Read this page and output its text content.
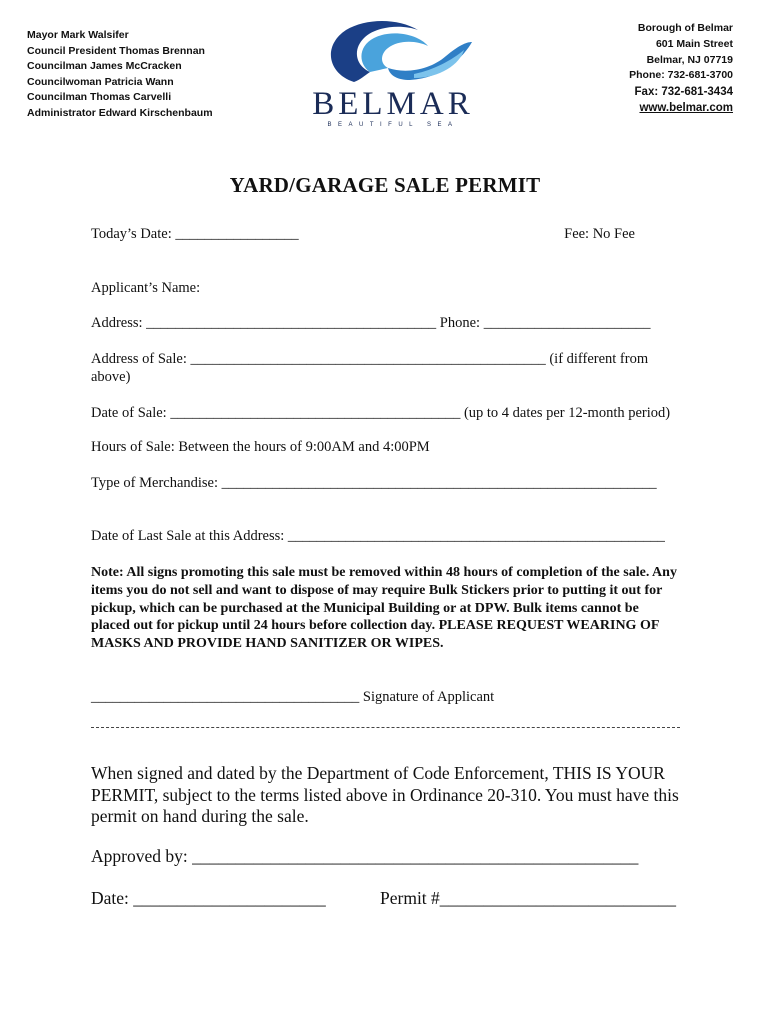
Mayor Mark Walsifer
Council President Thomas Brennan
Councilman James McCracken
Councilwoman Patricia Wann
Councilman Thomas Carvelli
Administrator Edward Kirschenbaum	BELMAR
BEAUTIFUL SEA
Borough of Belmar
601 Main Street
Belmar, NJ 07719
Phone: 732-681-3700
Fax: 732-681-3434
www.belmar.com
YARD/GARAGE SALE PERMIT
Today’s Date: _________________	Fee: No Fee
Applicant’s Name:
Address: ________________________________________ Phone: _______________________
Address of Sale: _________________________________________________ (if different from above)
Date of Sale: ________________________________________ (up to 4 dates per 12-month period)
Hours of Sale: Between the hours of 9:00AM and 4:00PM
Type of Merchandise: ____________________________________________________________
Date of Last Sale at this Address: ____________________________________________________
Note: All signs promoting this sale must be removed within 48 hours of completion of the sale. Any items you do not sell and want to dispose of may require Bulk Stickers prior to putting it out for pickup, which can be purchased at the Municipal Building or at DPW. Bulk items cannot be placed out for pickup until 24 hours before collection day. PLEASE REQUEST WEARING OF MASKS AND PROVIDE HAND SANITIZER OR WIPES.
_____________________________________ Signature of Applicant
When signed and dated by the Department of Code Enforcement, THIS IS YOUR PERMIT, subject to the terms listed above in Ordinance 20-310. You must have this permit on hand during the sale.
Approved by: ___________________________________________________
Date: ______________________	Permit #___________________________
